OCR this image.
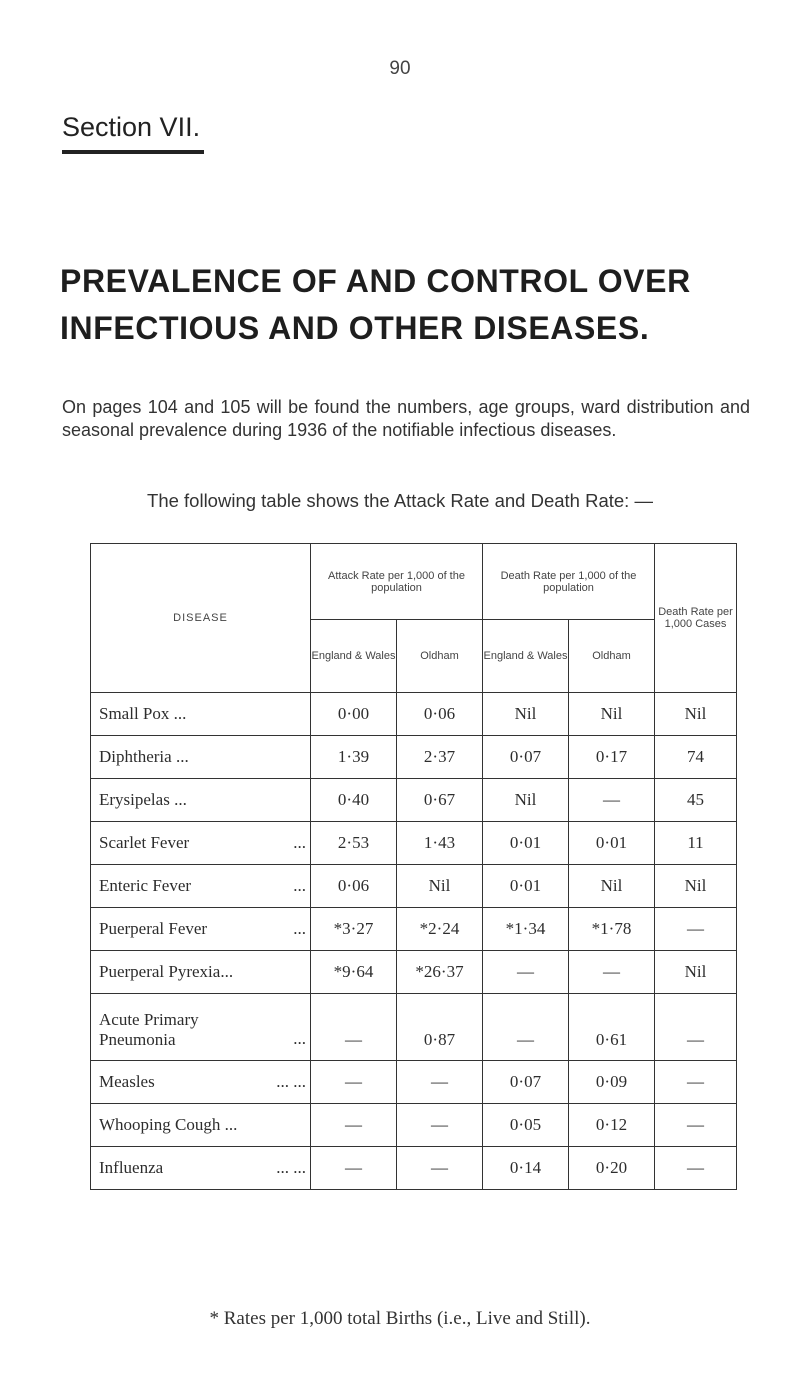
90
Section VII.
PREVALENCE OF AND CONTROL OVER
INFECTIOUS AND OTHER DISEASES.
On pages 104 and 105 will be found the numbers, age groups, ward distribution and seasonal prevalence during 1936 of the notifiable infectious diseases.
The following table shows the Attack Rate and Death Rate: —
DISEASE	Attack Rate per 1,000 of the population		Death Rate per 1,000 of the population		Death Rate per 1,000 Cases
	England & Wales	Oldham	England & Wales	Oldham	
Small Pox ...	0·00	0·06	Nil	Nil	Nil
Diphtheria ...	1·39	2·37	0·07	0·17	74
Erysipelas ...	0·40	0·67	Nil	—	45
Scarlet Fever ...	2·53	1·43	0·01	0·01	11
Enteric Fever ...	0·06	Nil	0·01	Nil	Nil
Puerperal Fever ...	*3·27	*2·24	*1·34	*1·78	—
Puerperal Pyrexia...	*9·64	*26·37	—	—	Nil

Acute Primary
Pneumonia ...	—	0·87	—	0·61	—
Measles ... ...	—	—	0·07	0·09	—
Whooping Cough ...	—	—	0·05	0·12	—
Influenza ... ...	—	—	0·14	0·20	—
* Rates per 1,000 total Births (i.e., Live and Still).
